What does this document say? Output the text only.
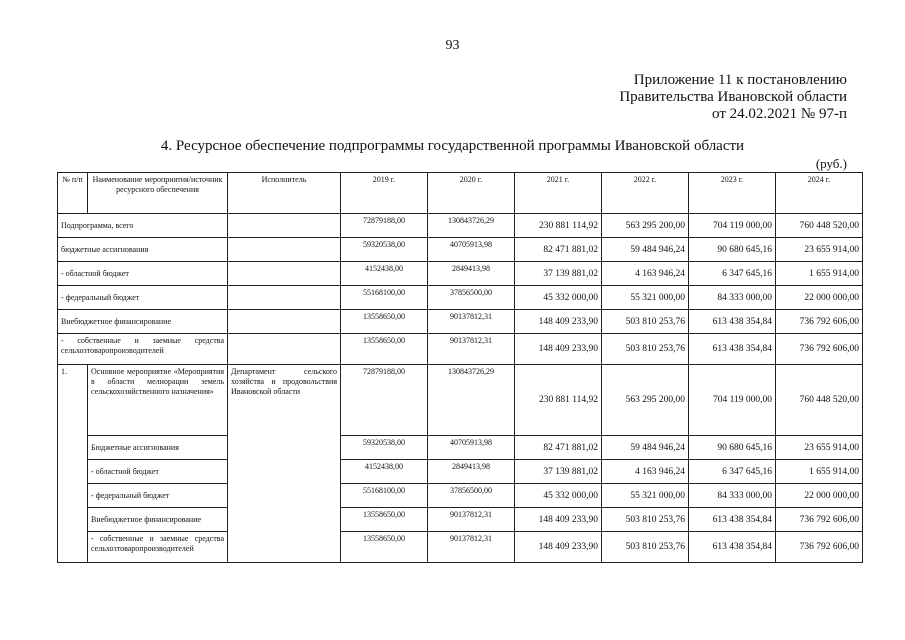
93
Приложение 11 к постановлению
Правительства Ивановской области
от 24.02.2021 № 97-п
4. Ресурсное обеспечение подпрограммы государственной программы Ивановской области
(руб.)
№ п/п	Наименование мероприятия/источник ресурсного обеспечения	Исполнитель	2019 г.	2020 г.	2021 г.	2022 г.	2023 г.	2024 г.
Подпрограмма, всего			72879188,00	130843726,29	230 881 114,92	563 295 200,00	704 119 000,00	760 448 520,00
бюджетные ассигнования			59320538,00	40705913,98	82 471 881,02	59 484 946,24	90 680 645,16	23 655 914,00
- областной бюджет			4152438,00	2849413,98	37 139 881,02	4 163 946,24	6 347 645,16	1 655 914,00
- федеральный бюджет			55168100,00	37856500,00	45 332 000,00	55 321 000,00	84 333 000,00	22 000 000,00
Внебюджетное финансирование			13558650,00	90137812,31	148 409 233,90	503 810 253,76	613 438 354,84	736 792 606,00
- собственные и заемные средства сельхозтоваропроизводителей			13558650,00	90137812,31	148 409 233,90	503 810 253,76	613 438 354,84	736 792 606,00
1.	Основное мероприятие «Мероприятия в области мелиорации земель сельскохозяйственного назначения»	Департамент сельского хозяйства и продовольствия Ивановской области	72879188,00	130843726,29	230 881 114,92	563 295 200,00	704 119 000,00	760 448 520,00
	Бюджетные ассигнования		59320538,00	40705913,98	82 471 881,02	59 484 946,24	90 680 645,16	23 655 914,00
	- областной бюджет		4152438,00	2849413,98	37 139 881,02	4 163 946,24	6 347 645,16	1 655 914,00
	- федеральный бюджет		55168100,00	37856500,00	45 332 000,00	55 321 000,00	84 333 000,00	22 000 000,00
	Внебюджетное финансирование		13558650,00	90137812,31	148 409 233,90	503 810 253,76	613 438 354,84	736 792 606,00
	- собственные и заемные средства сельхозтоваропроизводителей		13558650,00	90137812,31	148 409 233,90	503 810 253,76	613 438 354,84	736 792 606,00
